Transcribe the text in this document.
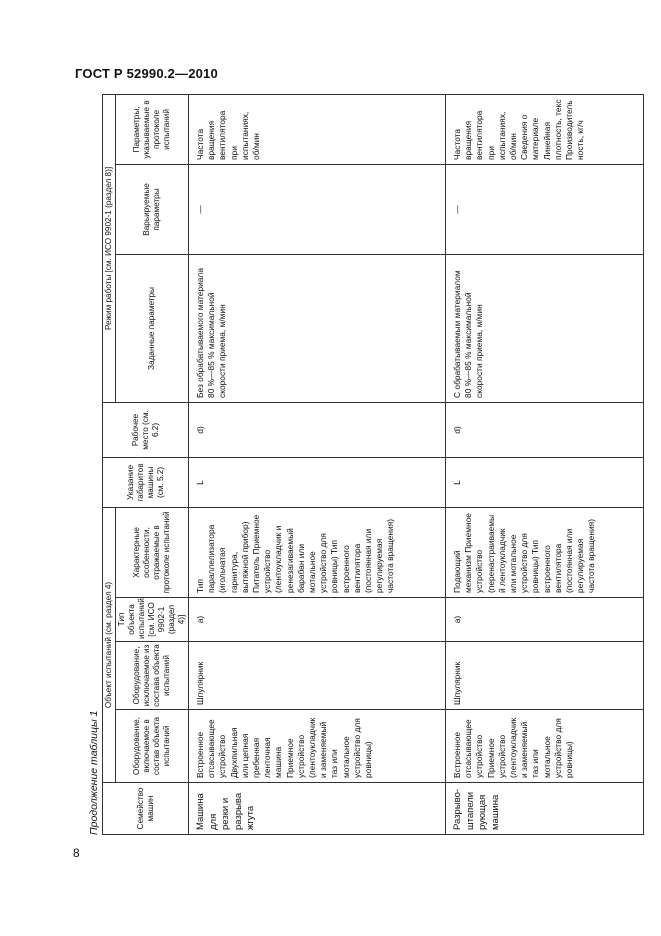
ГОСТ Р 52990.2—2010
Продолжение таблицы 1	Семейство машин	Объект испытаний (см. раздел 4)				Указание габаритов машины (см. 5.2)	Рабочее место (см. 6.2)	Режим работы [см. ИСО 9902-1 (раздел 8)]		
	Оборудование, включаемое в состав объекта испытаний	Оборудование, исключаемое из состава объекта испытаний	Тип объекта испытаний [см. ИСО 9902-1 (раздел 4)]	Характерные особенности, отражаемые в протоколе испытаний			Заданные параметры	Варьируемые параметры	Параметры, указываемые в протоколе испытаний
Машина для резки и разрыва жгута	Встроенное отсасывающее устройство Двухпильная или цепная гребенная ленточная машина Приемное устройство (лентоукладчик и заменяемый таз или мотальное устройство для ровницы)	Шпулярник	a)	Тип параллелизатора (игольчатая гарнитура, вытяжной прибор) Питатель Приемное устройство (лентоукладчик и ренезагиваемый барабан или мотальное устройство для ровницы) Тип встроенного вентилятора (постоянная или регулируемая частота вращения)	L	d)	Без обрабатываемого материала 80 %—85 % максимальной скорости приема, м/мин	—	Частота вращения вентилятора при испытаниях, об/мин
Разрыво-штапелирующая машина	Встроенное отсасывающее устройство Приемное устройство (лентоукладчик и заменяемый таз или мотальное устройство для ровницы)	Шпулярник	a)	Подающий механизм Приемное устройство (перенастраиваемый лентоукладчик или мотальное устройство для ровницы) Тип встроенного вентилятора (постоянная или регулируемая частота вращения)	L	d)	С обрабатываемым материалом 80 %—85 % максимальной скорости приема, м/мин	—	Частота вращения вентилятора при испытаниях, об/мин Сведения о материале Линейная плотность, текс Производительность, кг/ч
8
